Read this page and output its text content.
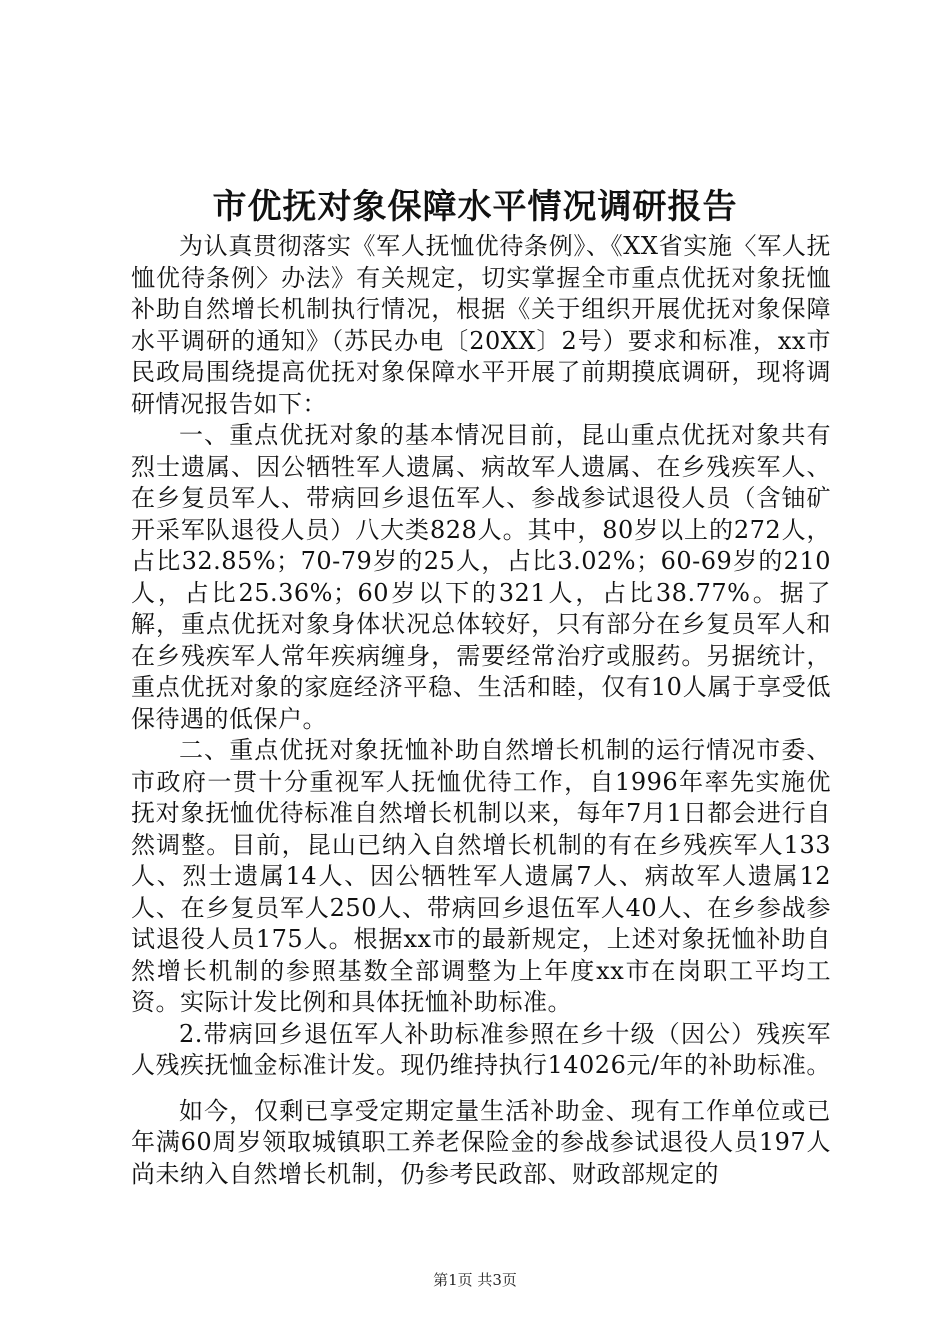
市优抚对象保障水平情况调研报告

为认真贯彻落实《军人抚恤优待条例》、《XX省实施〈军人抚恤优待条例〉办法》有关规定，切实掌握全市重点优抚对象抚恤补助自然增长机制执行情况，根据《关于组织开展优抚对象保障水平调研的通知》（苏民办电〔20XX〕2号）要求和标准，xx市民政局围绕提高优抚对象保障水平开展了前期摸底调研，现将调研情况报告如下：

一、重点优抚对象的基本情况目前，昆山重点优抚对象共有烈士遗属、因公牺牲军人遗属、病故军人遗属、在乡残疾军人、在乡复员军人、带病回乡退伍军人、参战参试退役人员（含铀矿开采军队退役人员）八大类828人。其中，80岁以上的272人，占比32.85%；70-79岁的25人，占比3.02%；60-69岁的210人，占比25.36%；60岁以下的321人，占比38.77%。据了解，重点优抚对象身体状况总体较好，只有部分在乡复员军人和在乡残疾军人常年疾病缠身，需要经常治疗或服药。另据统计，重点优抚对象的家庭经济平稳、生活和睦，仅有10人属于享受低保待遇的低保户。

二、重点优抚对象抚恤补助自然增长机制的运行情况市委、市政府一贯十分重视军人抚恤优待工作，自1996年率先实施优抚对象抚恤优待标准自然增长机制以来，每年7月1日都会进行自然调整。目前，昆山已纳入自然增长机制的有在乡残疾军人133人、烈士遗属14人、因公牺牲军人遗属7人、病故军人遗属12人、在乡复员军人250人、带病回乡退伍军人40人、在乡参战参试退役人员175人。根据xx市的最新规定，上述对象抚恤补助自然增长机制的参照基数全部调整为上年度xx市在岗职工平均工资。实际计发比例和具体抚恤补助标准。

2.带病回乡退伍军人补助标准参照在乡十级（因公）残疾军人残疾抚恤金标准计发。现仍维持执行14026元/年的补助标准。

如今，仅剩已享受定期定量生活补助金、现有工作单位或已年满60周岁领取城镇职工养老保险金的参战参试退役人员197人尚未纳入自然增长机制，仍参考民政部、财政部规定的

第1页 共3页
